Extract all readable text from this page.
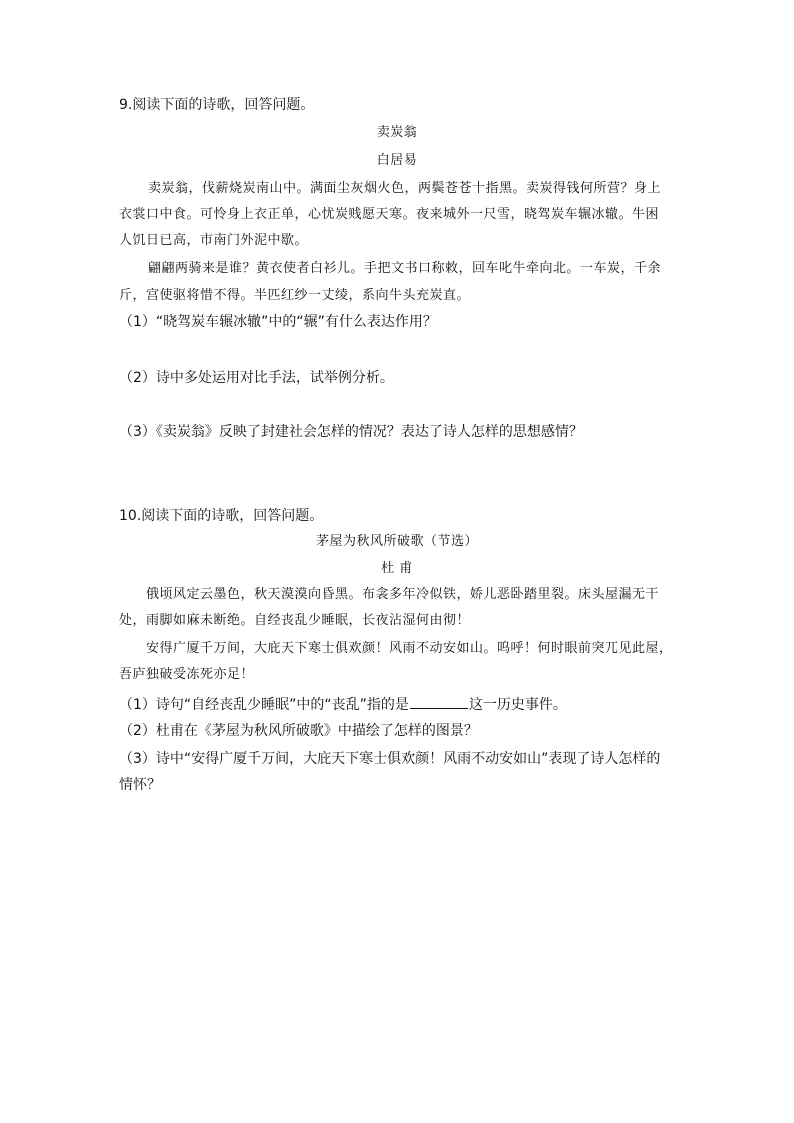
9.阅读下面的诗歌，回答问题。
卖炭翁
白居易
卖炭翁，伐薪烧炭南山中。满面尘灰烟火色，两鬓苍苍十指黑。卖炭得钱何所营？身上
衣裳口中食。可怜身上衣正单，心忧炭贱愿天寒。夜来城外一尺雪，晓驾炭车辗冰辙。牛困
人饥日已高，市南门外泥中歇。
翩翩两骑来是谁？黄衣使者白衫儿。手把文书口称敕，回车叱牛牵向北。一车炭，千余
斤，宫使驱将惜不得。半匹红纱一丈绫，系向牛头充炭直。
（1）“晓驾炭车辗冰辙”中的“辗”有什么表达作用？
（2）诗中多处运用对比手法，试举例分析。
（3）《卖炭翁》反映了封建社会怎样的情况？表达了诗人怎样的思想感情？
10.阅读下面的诗歌，回答问题。
茅屋为秋风所破歌（节选）
杜 甫
俄顷风定云墨色，秋天漠漠向昏黑。布衾多年冷似铁，娇儿恶卧踏里裂。床头屋漏无干
处，雨脚如麻未断绝。自经丧乱少睡眠，长夜沾湿何由彻！
安得广厦千万间，大庇天下寒士俱欢颜！风雨不动安如山。呜呼！何时眼前突兀见此屋，
吾庐独破受冻死亦足！
（1）诗句“自经丧乱少睡眠”中的“丧乱”指的是	这一历史事件。
（2）杜甫在《茅屋为秋风所破歌》中描绘了怎样的图景？
（3）诗中“安得广厦千万间，大庇天下寒士俱欢颜！风雨不动安如山”表现了诗人怎样的
情怀？
